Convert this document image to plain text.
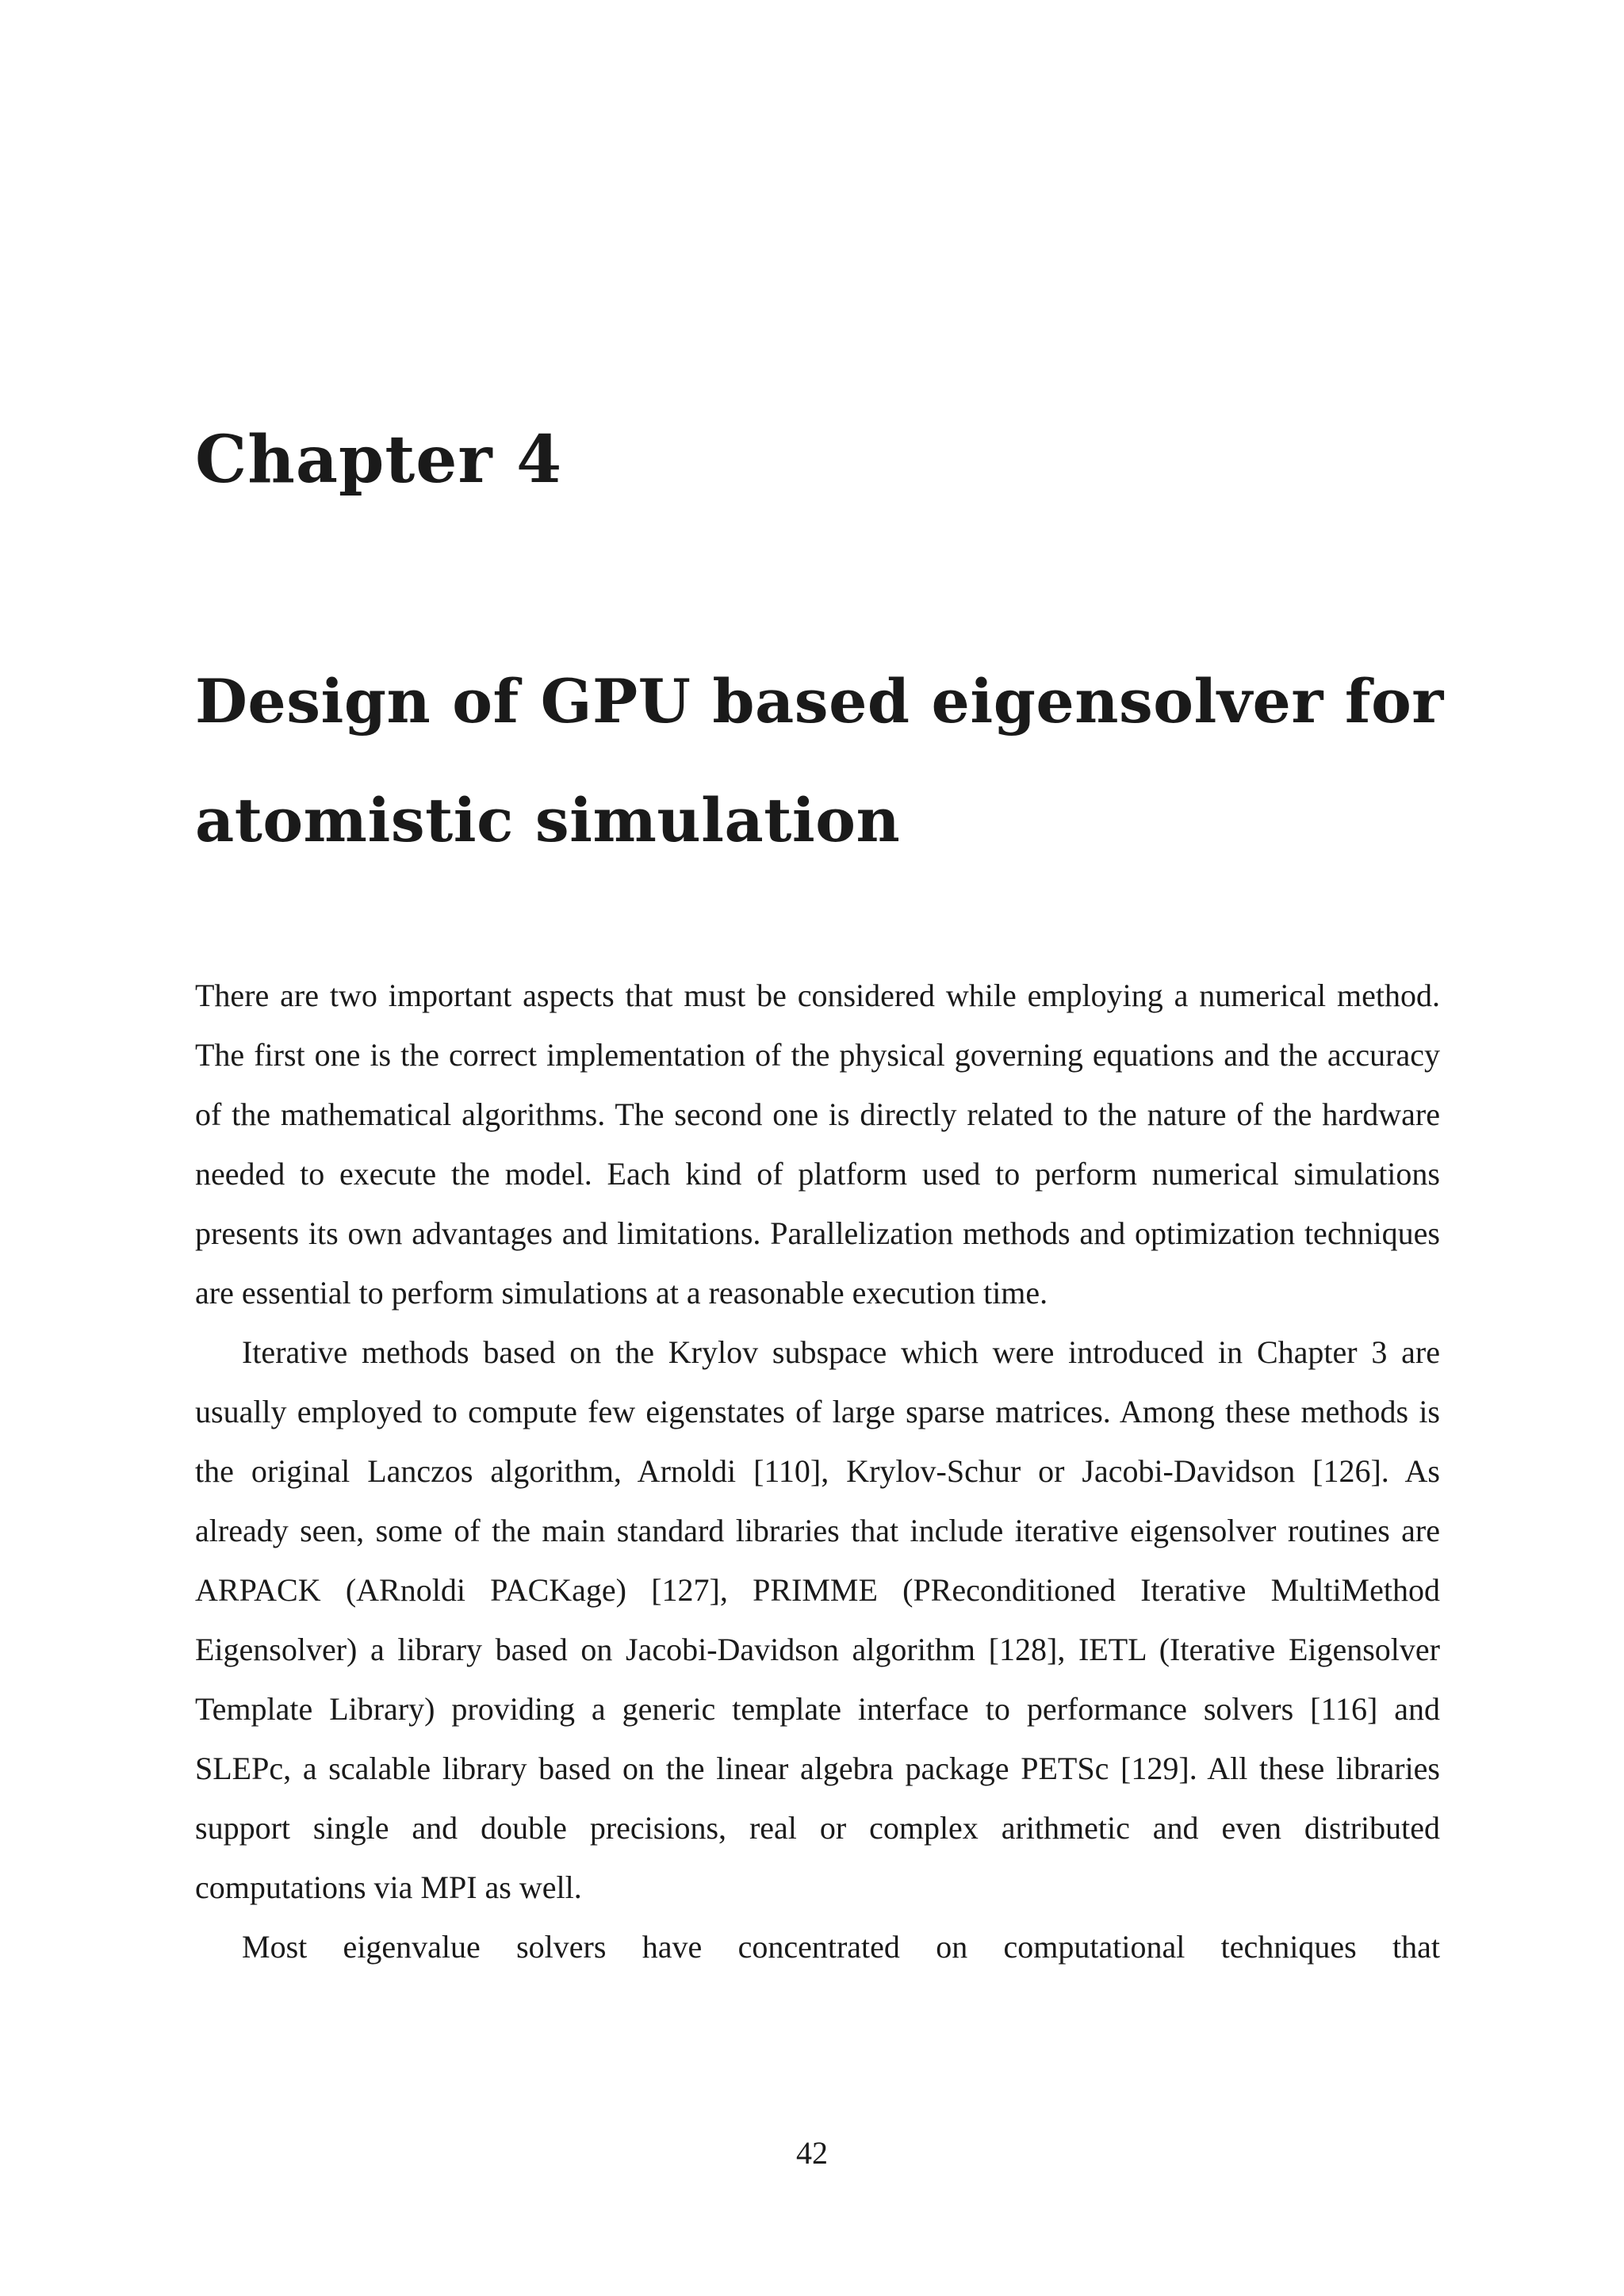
Chapter 4
Design of GPU based eigensolver for
atomistic simulation

There are two important aspects that must be considered while employing a numerical method. The first one is the correct implementation of the physical governing equations and the accuracy of the mathematical algorithms. The second one is directly related to the nature of the hardware needed to execute the model. Each kind of platform used to perform numerical simulations presents its own advantages and limitations. Parallelization methods and optimization techniques are essential to perform simulations at a reasonable execution time.

Iterative methods based on the Krylov subspace which were introduced in Chapter 3 are usually employed to compute few eigenstates of large sparse matrices. Among these methods is the original Lanczos algorithm, Arnoldi [110], Krylov-Schur or Jacobi-Davidson [126]. As already seen, some of the main standard libraries that include iterative eigensolver routines are ARPACK (ARnoldi PACKage) [127], PRIMME (PReconditioned Iterative MultiMethod Eigensolver) a library based on Jacobi-Davidson algorithm [128], IETL (Iterative Eigensolver Template Library) providing a generic template interface to performance solvers [116] and SLEPc, a scalable library based on the linear algebra package PETSc [129]. All these libraries support single and double precisions, real or complex arithmetic and even distributed computations via MPI as well.

Most eigenvalue solvers have concentrated on computational techniques that

42
